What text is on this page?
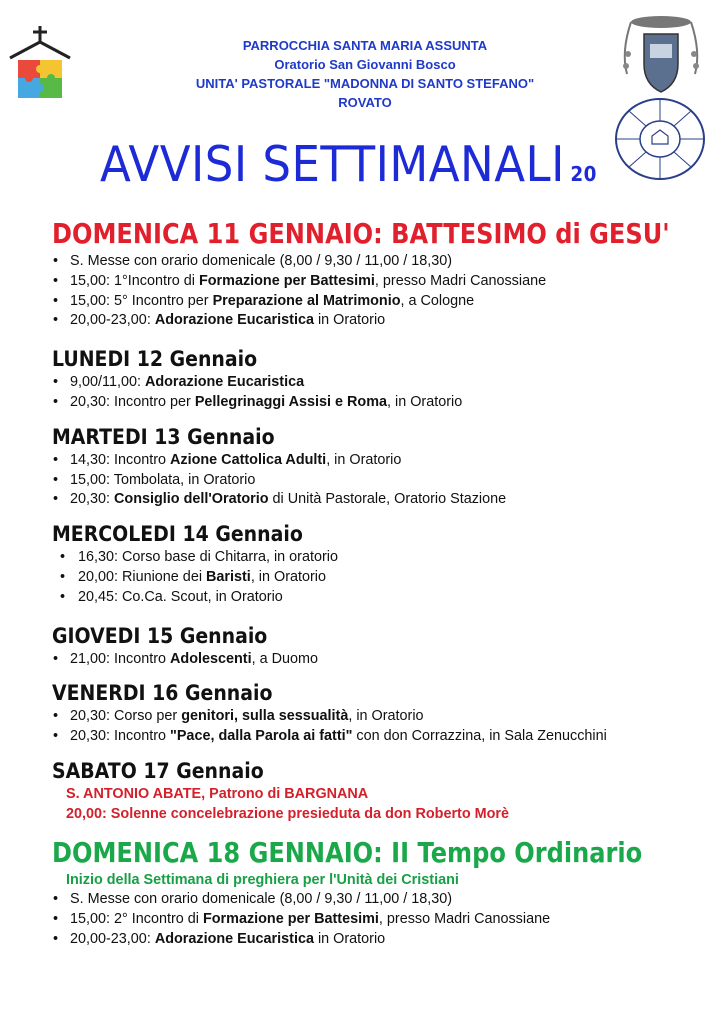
PARROCCHIA SANTA MARIA ASSUNTA
Oratorio San Giovanni Bosco
UNITA' PASTORALE "MADONNA DI SANTO STEFANO"
ROVATO
AVVISI SETTIMANALI 20
DOMENICA 11 GENNAIO: BATTESIMO di GESU'
• S. Messe con orario domenicale (8,00 / 9,30 / 11,00 / 18,30)
• 15,00: 1°Incontro di Formazione per Battesimi, presso Madri Canossiane
• 15,00: 5° Incontro per Preparazione al Matrimonio, a Cologne
• 20,00-23,00: Adorazione Eucaristica in Oratorio
LUNEDI 12 Gennaio
• 9,00/11,00: Adorazione Eucaristica
• 20,30: Incontro per Pellegrinaggi Assisi e Roma, in Oratorio
MARTEDI 13 Gennaio
• 14,30: Incontro Azione Cattolica Adulti, in Oratorio
• 15,00: Tombolata, in Oratorio
• 20,30: Consiglio dell'Oratorio di Unità Pastorale, Oratorio Stazione
MERCOLEDI 14 Gennaio
• 16,30: Corso base di Chitarra, in oratorio
• 20,00: Riunione dei Baristi, in Oratorio
• 20,45: Co.Ca. Scout, in Oratorio
GIOVEDI 15 Gennaio
• 21,00: Incontro Adolescenti, a Duomo
VENERDI 16 Gennaio
• 20,30: Corso per genitori, sulla sessualità, in Oratorio
• 20,30: Incontro "Pace, dalla Parola ai fatti" con don Corrazzina, in Sala Zenucchini
SABATO 17 Gennaio
S. ANTONIO ABATE, Patrono di BARGNANA
20,00: Solenne concelebrazione presieduta da don Roberto Morè
DOMENICA 18 GENNAIO: II Tempo Ordinario
Inizio della Settimana di preghiera per l'Unità dei Cristiani
• S. Messe con orario domenicale (8,00 / 9,30 / 11,00 / 18,30)
• 15,00: 2° Incontro di Formazione per Battesimi, presso Madri Canossiane
• 20,00-23,00: Adorazione Eucaristica in Oratorio
